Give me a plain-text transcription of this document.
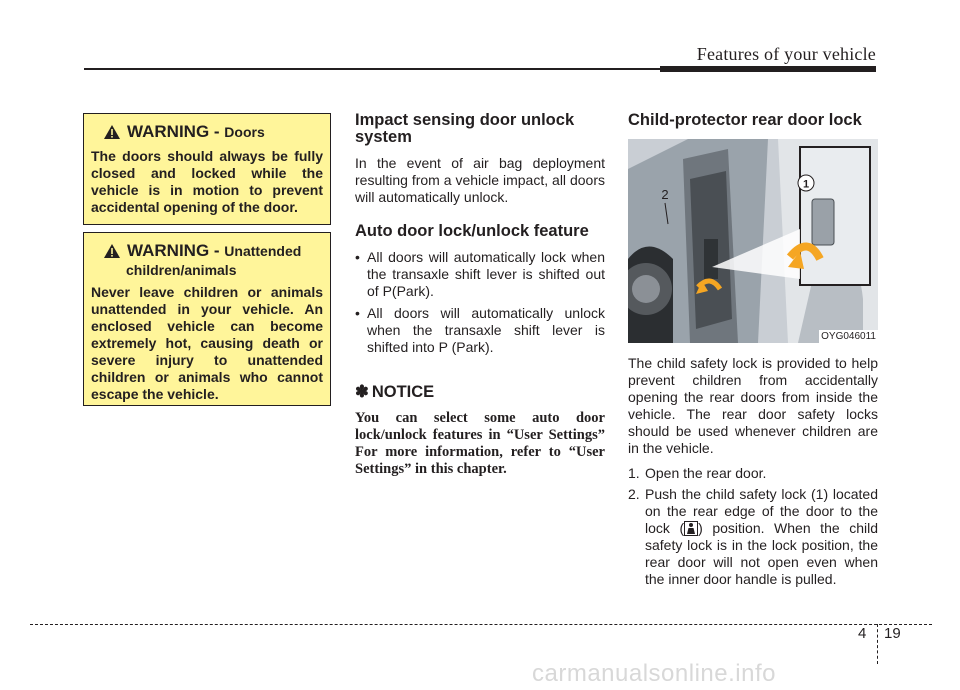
Features of your vehicle
WARNING - Doors
The doors should always be fully closed and locked while the vehicle is in motion to prevent accidental opening of the door.
WARNING - Unattended
children/animals
Never leave children or animals unattended in your vehicle. An enclosed vehicle can become extremely hot, causing death or severe injury to unattended children or animals who cannot escape the vehicle.
Impact sensing door unlock system

In the event of air bag deployment resulting from a vehicle impact, all doors will automatically unlock.

Auto door lock/unlock feature
• All doors will automatically lock when the transaxle shift lever is shifted out of P(Park).
• All doors will automatically unlock when the transaxle shift lever is shifted into P (Park).
✽ NOTICE
You can select some auto door lock/unlock features in “User Settings” For more information, refer to “User Settings” in this chapter.
Child-protector rear door lock
1
2
OYG046011

The child safety lock is provided to help prevent children from accidentally opening the rear doors from inside the vehicle. The rear door safety locks should be used whenever children are in the vehicle.

1. Open the rear door.
2. Push the child safety lock (1) located on the rear edge of the door to the lock ( ) position. When the child safety lock is in the lock position, the rear door will not open even when the inner door handle is pulled.
4 19
carmanualsonline.info
